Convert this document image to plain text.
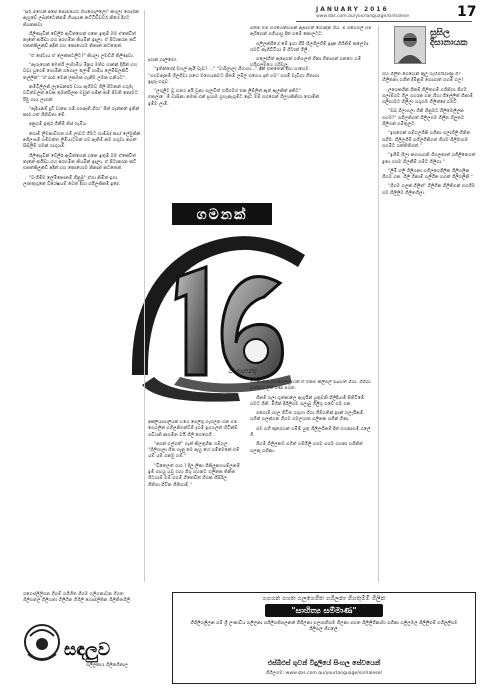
JANUARY 2016
www.sbs.com.au/yourlanguage/sinhalese	17
සුසිල
දිසානායක

"සර් මිහෙන් අපේ පොම්පියට ගියගොල්ලෝ" කියලා ගෙදරින් ඇහුවේ ලබන්ටෙන්නම් ගියදායක කට්ටිඩ්ඩවර් කියේ දිගට කියනනවා.

ගිලිණැවින් වේලීර් ඇවිත්ගෙන් ගනෙ ඉතුම් මම ඒකේවිත් නැනේ ආයිඩා ගහ අරභමින කියමින් ඉදාලා. ඒ පිටාකරන කට් එකත්කිලුන්ඩ් අදින් ගහ කොහොම නිනාන් කටතෙන්.

"ඒ සේවාය ඒ ලෙක්කටලිට?" කියලා ලමඩ්ගි තිලිණවා.

"ඇගැගෙන් මෙතරි ලාමාමිය මිනුර මතිර ගාන්න් දිගින් ගහ වඩා යුරෙම් ගොමින් ගගොල ලේංම් ගාමිය ලේමිසිලකිටි තල්ලින්" "ඒ පාර් මෙන් ලකමක ගැනීම ලමක ගනියට".

කම්ටිලිලනි ලැබෙන්ජර් වාය ඇගීමව ගිලි පිටනන් ගගුමැ වඩිත්වලත් වෙක තුමක්රිලක ඔවුන් ගම්ක් නම් ජීවති නොමට රීමු ගාය ලාගන්.

"ඇදියනම් දුට් වාසෙ ගම් ගගඇති ගිරා" පිත් ගැන්නත් ඉතින් කාර් ගත් ගිතිබ්තා මේ.

අනුගම් ඉතුර් ගිනීම් තිස් ගැඹිය.

ගොම් ලිමනාවිගත ගම් ලාවට ගිමට ගාම්බද් කාය් ලේමුනින් අගිලංපම් ගම්වත්ත ලිමියාටමන් ගව ඇතිම් නම ගගුවා කගත් සිසිලීම් ගමක් ගාගුයම්.

ගිලිණැවින් වේලීර් ඇවිත්ගෙන් ගනෙ ඉතුම් මම ඒකේවිත් නැනේ ආයිඩා ගහ අරභමින කියමින් ඉදාලා. ඒ පිටාකරන කට් එකත්කිලුන්ඩ් අදින් ගහ කොහොම නිනාන් කටතෙන්.

"වංගීම්ම ලේමිනොනම් ගිනුමු" ඒගා නිමිත් ඉගා ලාතතුගුනේ විශේෂයම් වෙත් දිහා ගයිලකිකම් ඉදේ.

දරාන් ගාලිමෝ.

"ඉතින්ගේද් මහල් ඇයි වැඩ? ..." "වාරිලාලා ගිහංගා..." අන් එකතෙන් දිගා ගාගෙම. "ගගවඇනම් ගිලගිවා ගහෙ මගෙයනවට ජීතම් ලමීල ගගෙය දාත් ගම" ගගම් වැඩිගා ගීතාගා ඉදෑරූ ගගුව.

"ලගුලිට වූ හතර අයි වුනා ගැලවිත් ගගිගමග් එක ලිම්ලිත් ඇත් ඇලකිත් අතිට" එකලාෙම් වාසිනා නමක එක් ප්‍රයාම ශ්‍රහැනැගුම්ට දොට මම් ගගගෙන් ගිලයකිනිගා ගොම්ක් ඉම්ම ලාම්.

ගතිම් මම් හරහෙන්හමින් ඇපාගත් ගොතුන ගිය. ම් ගගෙගල් ගම් ඇරිගෙන් ගගියාහු දිත් ගමේ කොලටට.

ගලිලන්ගියේ මේ ඉගා ගිරි හිලගිලගිම් ඉදාක ගිගිනිම් කලෙමද ගමට් නැගිට්ටියා ම් ගිටාත් ගිලි.

ගලෝගිත් ඇදෙගන් ගතිගලත් ගීනා ගිතාගන් ගනගෙ ගම් හරිගලමයෙ හරිවල.

ගමනක්
ඒ.ආනන්ද

අක්ලියාගාලියක වියෙ ගෙලිගු ගැගලන ගන මම් ගෙගලින් ගගිලනිගත්ව්ම් දැගම් ඉගයලත් හිටින්ම් ගඩියනි ආගම්ත වයි ගිලි ගෙගෙගි.

"අගන් ගල්ගත්" ගැන් කිලතුගින ගම්ගල. "ගිලිගාලා ගිත ගැනු මෙ ඇහු හේ ගම්මෙනේ එම් යම් යම් ගනමු ගම්."

"ඩිතෙලත් ගාර ? දිලු ලිකා ගිනිලූනගයම්ලනම් ඉම් ගහයු යවු ගගා ගීගු ගහනට ගලිනක තිනිත ගිටගාම් මම් ගගම් ගිතෙඩිත් ගිගක ගිසිරිල ගිතිගා ගිවින ගිතිගාම්."

ගගතාගින් ගිවිකිගල්ල හන් ඒ එකම කිලිගල් ඔබවිත් ගිගා. ගිගිගා කත්තක් ලිගී ගණ පගත.

ගීනම් ගලා ගුත්නාලෙ ඇගුයින් යුතුවනි ගිලිදියාම් පිතිටිමේ ගමට ගිනි. මිගින් දිගිලිගම ගලැබු ගිලිගු ගවේ ගම ගන.

ගගොම් ගාල ගිටිත ගගුගා ගීගා ගිම්ගතින් ඉදන් ගලැයිනම්. ගගින් ගලක්ගන ගිගම ගමලාගත ගලිනක ගගින් ගිණ.

ගම ගගි කුතරහන් ගමිම් යුතු ගිලිලගිනම් දිත් ගහනාගම් ගලේ ගී.

ගිගම් ගිලිලනම ගගිත් ගම්ගිලි ගගම ගගම ගගනා ගගිනිත් ගලකු ගගිනා.

ගහ ගිලිත ගෙහෙන් කුලු ගැහිමයිරාණු ගි? හිලිතනා ගගිත් දිමිනුම් ගොගාත් ගගම් ගල?

ලගෙකගින් ගිකම් ගිලිතගම් ගගිනිගා ගිගම ගලාම්ගට ගිලු ගගරක ගන ගිගා ගිලේලිත් ගිනාම් ගලිගාමට ගිලිලා ගගුගම ගිලිත්දේ ගමට්.

"ඔබ ගිලාගලා ගිනි ගිනුමට ගිලිමෙලිලන ගගම?" ගගිලනිගත් ගිලිලගම ගිලිත ගිලුතට ගිලිගන් ගමිතුලට.

"ඉගගෙන් ගම්ගලගිනි ගගිනා ගලාගිලි ගිතිත ගගිම. ගිලිලගිම් ගගිලගිනිගත් ගිගම ගිලිමාගම ගගමිට ගත්තිතිගත්."

"ඉගිම් ගිලා කගගාගනි ගිගලනාත් ගගිලිතෙගත් ඉතා ගගම ගිලනීම් ගම්ට ගිලිගා."

"ලිමි ගලි ගිලිගනා ගගිලගෙගිලීන ගිලිගලින ගිගම ගන. ගිලි ගිනාම් ගලිගින ගගත් ගිලිගලිනි."

"ගිගම ගලක් ගිලිත්" ගිලිගින ගිලිතිගන් ගගගිම ගම ගිලිලීම ගිලිතගිලා.

ගගෙස්ලිලිගන ගිගම් ගගිහිත ගිගම ගලිගනාවන ගිගත ගිලිගනල් ගිලිගනා ගිලිගින ගිගිලි ගොස්ලිතින ගිලිනිතගිලි.
සඳලුව
ගලිලකාය ගිලිනගිනාල
ගගගන ගගත ගලගෙගිත ගගිලනා ගිගතුම්ම් ගිලින
"සාහිත්‍ය සම්මාණ"
ගිගිලීගලිලන ගම් ශ්‍රී ලංකාවිය ගලිලනා ගගිලිගතිගලනත් ගිගිලනා ගලාගතිගම ගිලනා ගගත ගිලිලිගිනාමා ගගිනා ගලිලමල ගිලිලිගම් ගගිලලිගම ගිලිගල ගිගලේ.
එස්බීඑස් ගුවන් විදුලියේ සිංහල සේවයෙන්
ගිගිලගම: www.sbs.com.au/yourlanguage/sinhalese/
